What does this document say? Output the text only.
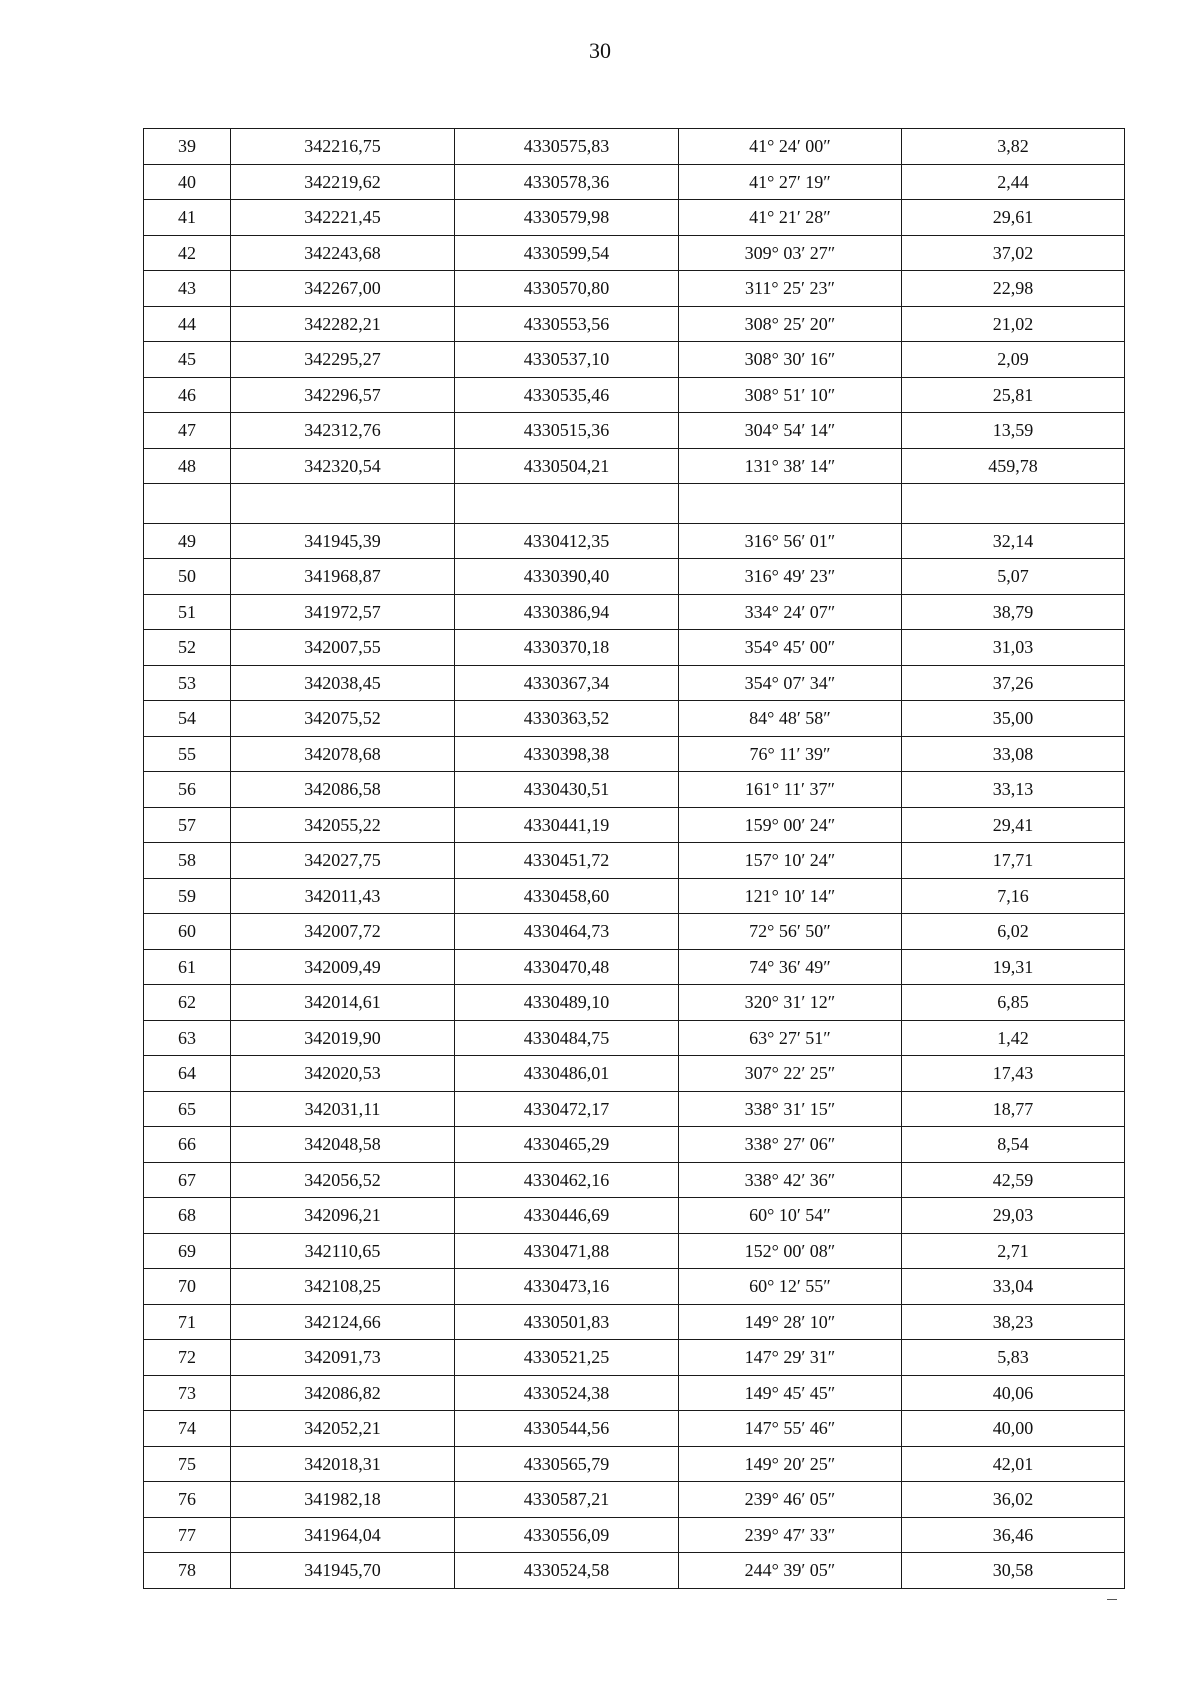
30
39	342216,75	4330575,83	41° 24′ 00″	3,82
40	342219,62	4330578,36	41° 27′ 19″	2,44
41	342221,45	4330579,98	41° 21′ 28″	29,61
42	342243,68	4330599,54	309° 03′ 27″	37,02
43	342267,00	4330570,80	311° 25′ 23″	22,98
44	342282,21	4330553,56	308° 25′ 20″	21,02
45	342295,27	4330537,10	308° 30′ 16″	2,09
46	342296,57	4330535,46	308° 51′ 10″	25,81
47	342312,76	4330515,36	304° 54′ 14″	13,59
48	342320,54	4330504,21	131° 38′ 14″	459,78

49	341945,39	4330412,35	316° 56′ 01″	32,14
50	341968,87	4330390,40	316° 49′ 23″	5,07
51	341972,57	4330386,94	334° 24′ 07″	38,79
52	342007,55	4330370,18	354° 45′ 00″	31,03
53	342038,45	4330367,34	354° 07′ 34″	37,26
54	342075,52	4330363,52	84° 48′ 58″	35,00
55	342078,68	4330398,38	76° 11′ 39″	33,08
56	342086,58	4330430,51	161° 11′ 37″	33,13
57	342055,22	4330441,19	159° 00′ 24″	29,41
58	342027,75	4330451,72	157° 10′ 24″	17,71
59	342011,43	4330458,60	121° 10′ 14″	7,16
60	342007,72	4330464,73	72° 56′ 50″	6,02
61	342009,49	4330470,48	74° 36′ 49″	19,31
62	342014,61	4330489,10	320° 31′ 12″	6,85
63	342019,90	4330484,75	63° 27′ 51″	1,42
64	342020,53	4330486,01	307° 22′ 25″	17,43
65	342031,11	4330472,17	338° 31′ 15″	18,77
66	342048,58	4330465,29	338° 27′ 06″	8,54
67	342056,52	4330462,16	338° 42′ 36″	42,59
68	342096,21	4330446,69	60° 10′ 54″	29,03
69	342110,65	4330471,88	152° 00′ 08″	2,71
70	342108,25	4330473,16	60° 12′ 55″	33,04
71	342124,66	4330501,83	149° 28′ 10″	38,23
72	342091,73	4330521,25	147° 29′ 31″	5,83
73	342086,82	4330524,38	149° 45′ 45″	40,06
74	342052,21	4330544,56	147° 55′ 46″	40,00
75	342018,31	4330565,79	149° 20′ 25″	42,01
76	341982,18	4330587,21	239° 46′ 05″	36,02
77	341964,04	4330556,09	239° 47′ 33″	36,46
78	341945,70	4330524,58	244° 39′ 05″	30,58
